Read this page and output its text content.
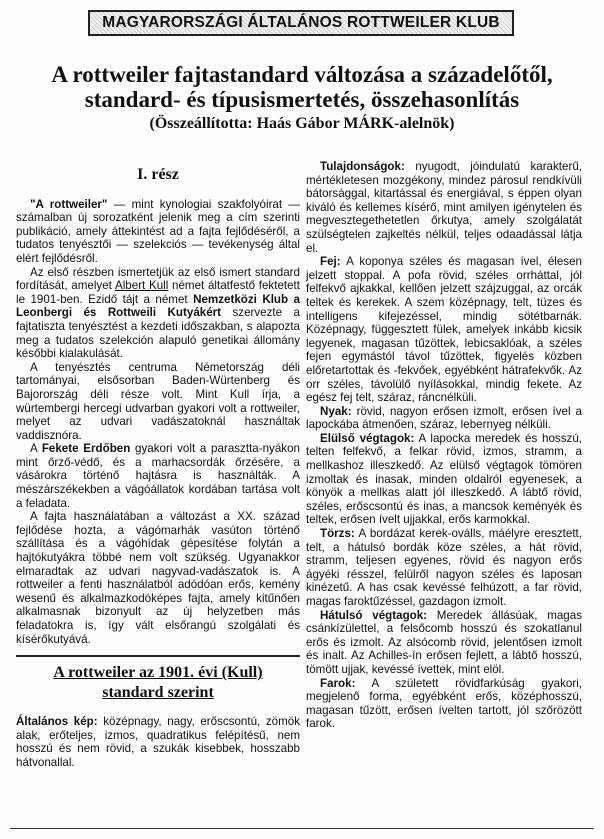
MAGYARORSZÁGI ÁLTALÁNOS ROTTWEILER KLUB
A rottweiler fajtastandard változása a századelőtől,
standard- és típusismertetés, összehasonlítás
(Összeállította: Haás Gábor MÁRK-alelnök)
I. rész

"A rottweiler" — mint kynologiai szakfolyóirat — számalban új sorozatként jelenik meg a cím szerinti publikáció, amely áttekintést ad a fajta fejlődéséről, a tudatos tenyésztői — szelekciós — tevékenység által elért fejlődésről.

Az első részben ismertetjük az első ismert standard fordítását, amelyet Albert Kull német áltatfestő fektetett le 1901-ben. Ezidő tájt a német Nemzetközi Klub a Leonbergi és Rottweili Kutyákért szervezte a fajtatiszta tenyésztést a kezdeti időszakban, s alapozta meg a tudatos szelekción alapuló genetikai állomány későbbi kialakulását.

A tenyésztés centruma Németország déli tartományai, elsősorban Baden-Würtenberg és Bajorország déli része volt. Mint Kull írja, a würtembergi hercegi udvarban gyakori volt a rottweiler, melyet az udvari vadászatoknál használtak vaddisznóra.

A Fekete Erdőben gyakori volt a parasztta-nyákon mint őrző-védő, és a marhacsordák őrzésére, a vásárokra történő hajtásra is használták. A mészárszékekben a vágóállatok kordában tartása volt a feladata.

A fajta használatában a változást a XX. század fejlődése hozta, a vágómarhák vasúton történő szállítása és a vágóhídak gépesítése folytán a hajtókutyákra többé nem volt szükség. Ugyanakkor elmaradtak az udvari nagyvad-vadászatok is. A rottweiler a fenti használatból adódóan erős, kemény wesenű és alkalmazkodóképes fajta, amely kitűnően alkalmasnak bizonyult az új helyzetben más feladatokra is, így vált elsőrangú szolgálati és kísérőkutyává.

A rottweiler az 1901. évi (Kull)
standard szerint

Általános kép: középnagy, nagy, erőscsontú, zömök alak, erőteljes, izmos, quadratikus felépítésű, nem hosszú és nem rövid, a szukák kisebbek, hosszabb hátvonallal.

Tulajdonságok: nyugodt, jóindulatú karakterű, mértékletesen mozgékony, mindez párosul rendkívüli bátorsággal, kitartással és energiával, s éppen olyan kiváló és kellemes kísérő, mint amilyen igénytelen és megvesztegethetetlen őrkutya, amely szolgálatát szülségtelen zajkeltés nélkül, teljes odaadással látja el.

Fej: A koponya széles és magasan ível, élesen jelzett stoppal. A pofa rövid, széles orrháttal, jól felfekvő ajkakkal, kellően jelzett szájzuggal, az orcák teltek és kerekek. A szem középnagy, telt, tüzes és intelligens kifejezéssel, mindig sötétbarnák. Középnagy, függesztett fülek, amelyek inkább kicsik legyenek, magasan tűzöttek, lebicsaklóak, a széles fejen egymástól távol tűzöttek, figyelés közben előretartottak és -fekvőek, egyébként hátrafekvők. Az orr széles, távolülő nyílásokkal, mindig fekete. Az egész fej telt, száraz, ráncnélküli.

Nyak: rövid, nagyon erősen izmolt, erősen ível a lapockába átmenően, száraz, lebernyeg nélküli.

Elülső végtagok: A lapockа meredek és hosszú, telten felfekvő, a felkar rövid, izmos, stramm, a mellkashoz illeszkedő. Az elülső végtagok tömören izmoltak és inasak, minden oldalról egyenesek, a könyök a mellkas alatt jól illeszkedő. A lábtő rövid, széles, erőscsontú és inas, a mancsok keményék és teltek, erősen ívelt ujjakkal, erős karmokkal.

Törzs: A bordázat kerek-oválls, máélyre eresztett, telt, a hátulsó bordák köze széles, a hát rövid, stramm, teljesen egyenes, rövid és nagyon erős ágyéki résszel, felülről nagyon széles és laposan kinézetű. A has csak kevéssé felhúzott, a far rövid, magas faroktűzéssel, gazdagon izmolt.

Hátulsó végtagok: Meredek állásúak, magas csánkízülettel, a felsőcomb hosszú és szokatlanul erős és izmolt. Az alsócomb rövid, jelentősen izmolt és inalt. Az Achilles-ín erősen fejlett, a lábtő hosszú, tömött ujjak, kevéssé ívettek, mint elöl.

Farok: A született rövidfarkúság gyakori, megjelenő forma, egyébként erős, középhosszú, magasan tűzött, erősen ívelten tartott, jól szőrözött farok.
